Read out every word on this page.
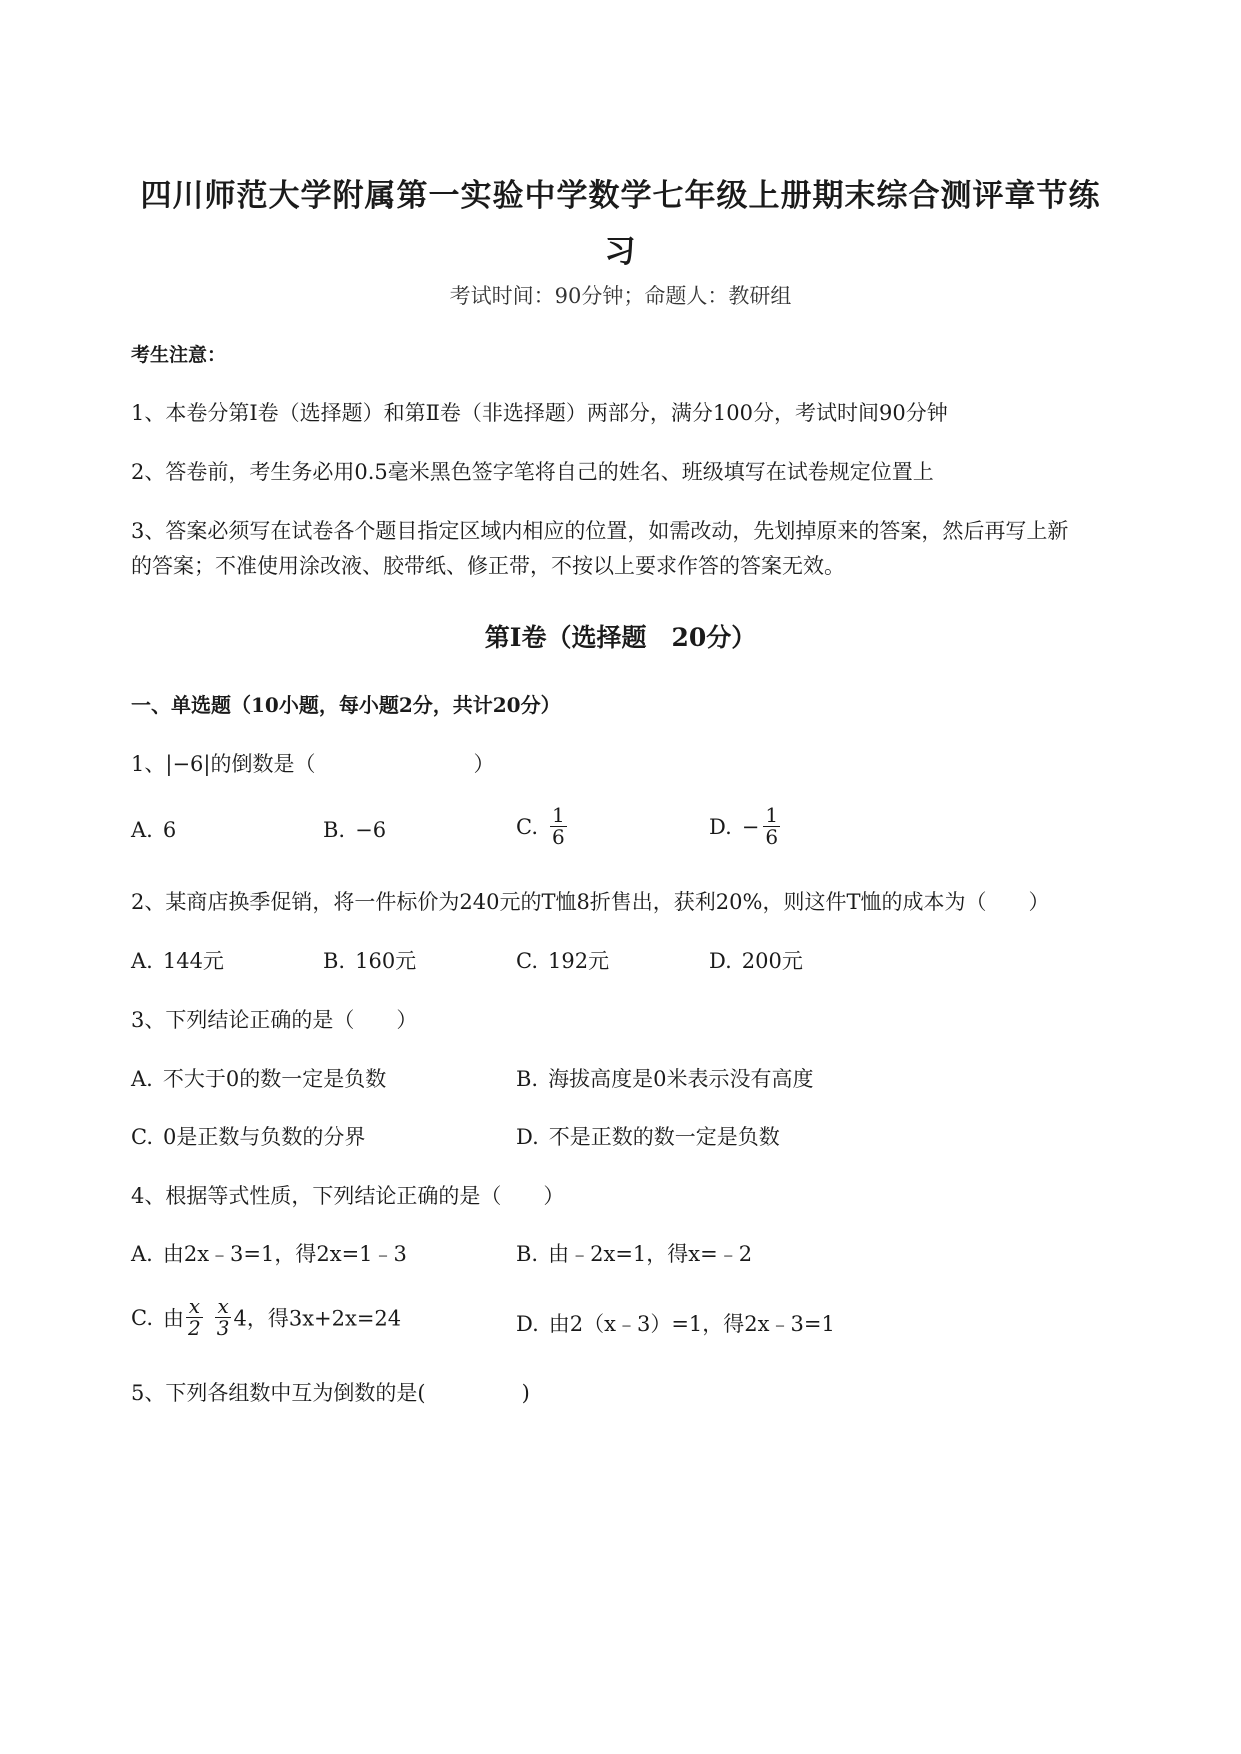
四川师范大学附属第一实验中学数学七年级上册期末综合测评章节练
习
考试时间：90分钟；命题人：教研组
考生注意：
1、本卷分第Ⅰ卷（选择题）和第Ⅱ卷（非选择题）两部分，满分100分，考试时间90分钟
2、答卷前，考生务必用0.5毫米黑色签字笔将自己的姓名、班级填写在试卷规定位置上
3、答案必须写在试卷各个题目指定区域内相应的位置，如需改动，先划掉原来的答案，然后再写上新
的答案；不准使用涂改液、胶带纸、修正带，不按以上要求作答的答案无效。
第Ⅰ卷（选择题　20分）
一、单选题（10小题，每小题2分，共计20分）
1、|−6|的倒数是（	）
A. 6	B. −6	C. $\frac{1}{6}$	D. − $\frac{1}{6}$
2、某商店换季促销，将一件标价为240元的T恤8折售出，获利20%，则这件T恤的成本为（　　）
A. 144元	B. 160元	C. 192元	D. 200元
3、下列结论正确的是（　　）
A. 不大于0的数一定是负数	B. 海拔高度是0米表示没有高度
C. 0是正数与负数的分界	D. 不是正数的数一定是负数
4、根据等式性质，下列结论正确的是（　　）
A. 由2x﹣3=1，得2x=1﹣3	B. 由﹣2x=1，得x=﹣2
C. 由 $\frac{x}{2} \frac{x}{3} 4$，得3x+2x=24	D. 由2（x﹣3）=1，得2x﹣3=1
5、下列各组数中互为倒数的是(	)
